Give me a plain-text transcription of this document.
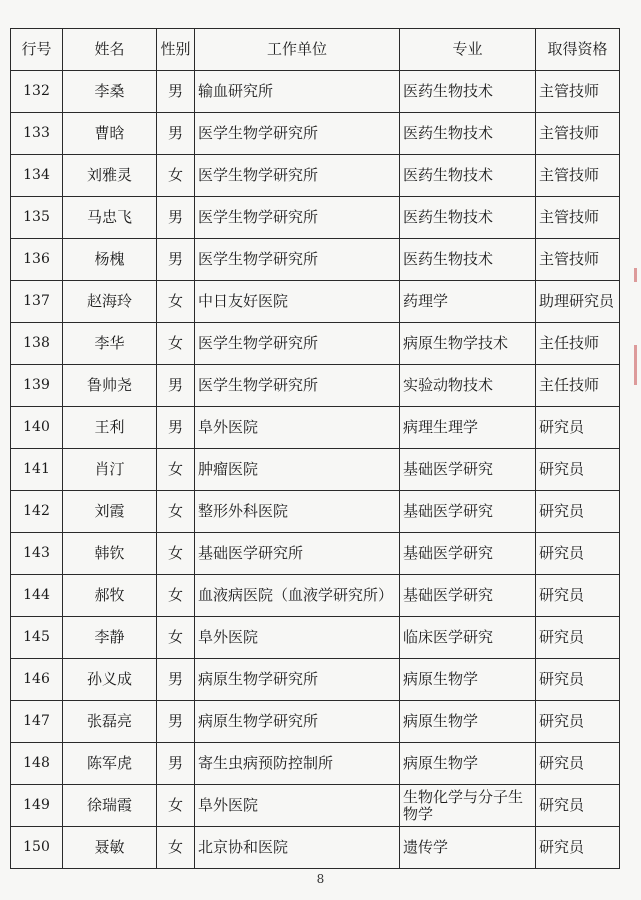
行号	姓名	性别	工作单位	专业	取得资格
132	李桑	男	输血研究所	医药生物技术	主管技师
133	曹晗	男	医学生物学研究所	医药生物技术	主管技师
134	刘雅灵	女	医学生物学研究所	医药生物技术	主管技师
135	马忠飞	男	医学生物学研究所	医药生物技术	主管技师
136	杨槐	男	医学生物学研究所	医药生物技术	主管技师
137	赵海玲	女	中日友好医院	药理学	助理研究员
138	李华	女	医学生物学研究所	病原生物学技术	主任技师
139	鲁帅尧	男	医学生物学研究所	实验动物技术	主任技师
140	王利	男	阜外医院	病理生理学	研究员
141	肖汀	女	肿瘤医院	基础医学研究	研究员
142	刘霞	女	整形外科医院	基础医学研究	研究员
143	韩钦	女	基础医学研究所	基础医学研究	研究员
144	郝牧	女	血液病医院（血液学研究所）	基础医学研究	研究员
145	李静	女	阜外医院	临床医学研究	研究员
146	孙义成	男	病原生物学研究所	病原生物学	研究员
147	张磊亮	男	病原生物学研究所	病原生物学	研究员
148	陈军虎	男	寄生虫病预防控制所	病原生物学	研究员
149	徐瑞霞	女	阜外医院	生物化学与分子生物学	研究员
150	聂敏	女	北京协和医院	遗传学	研究员
8
